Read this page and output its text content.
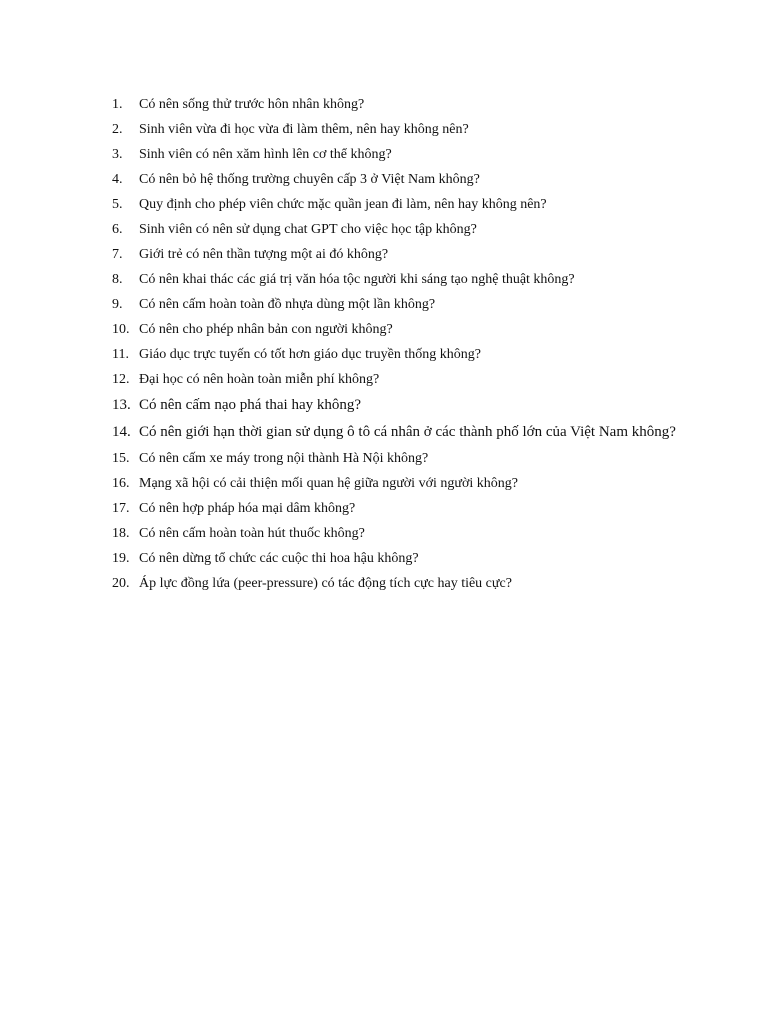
1.	Có nên sống thử trước hôn nhân không?
2.	Sinh viên vừa đi học vừa đi làm thêm, nên hay không nên?
3.	Sinh viên có nên xăm hình lên cơ thể không?
4.	Có nên bỏ hệ thống trường chuyên cấp 3 ở Việt Nam không?
5.	Quy định cho phép viên chức mặc quần jean đi làm, nên hay không nên?
6.	Sinh viên có nên sử dụng chat GPT cho việc học tập không?
7.	Giới trẻ có nên thần tượng một ai đó không?
8.	Có nên khai thác các giá trị văn hóa tộc người khi sáng tạo nghệ thuật không?
9.	Có nên cấm hoàn toàn đồ nhựa dùng một lần không?
10. Có nên cho phép nhân bản con người không?
11. Giáo dục trực tuyến có tốt hơn giáo dục truyền thống không?
12. Đại học có nên hoàn toàn miễn phí không?
13. Có nên cấm nạo phá thai hay không?
14. Có nên giới hạn thời gian sử dụng ô tô cá nhân ở các thành phố lớn của Việt Nam không?
15. Có nên cấm xe máy trong nội thành Hà Nội không?
16. Mạng xã hội có cải thiện mối quan hệ giữa người với người không?
17. Có nên hợp pháp hóa mại dâm không?
18. Có nên cấm hoàn toàn hút thuốc không?
19. Có nên dừng tổ chức các cuộc thi hoa hậu không?
20. Áp lực đồng lứa (peer-pressure) có tác động tích cực hay tiêu cực?
